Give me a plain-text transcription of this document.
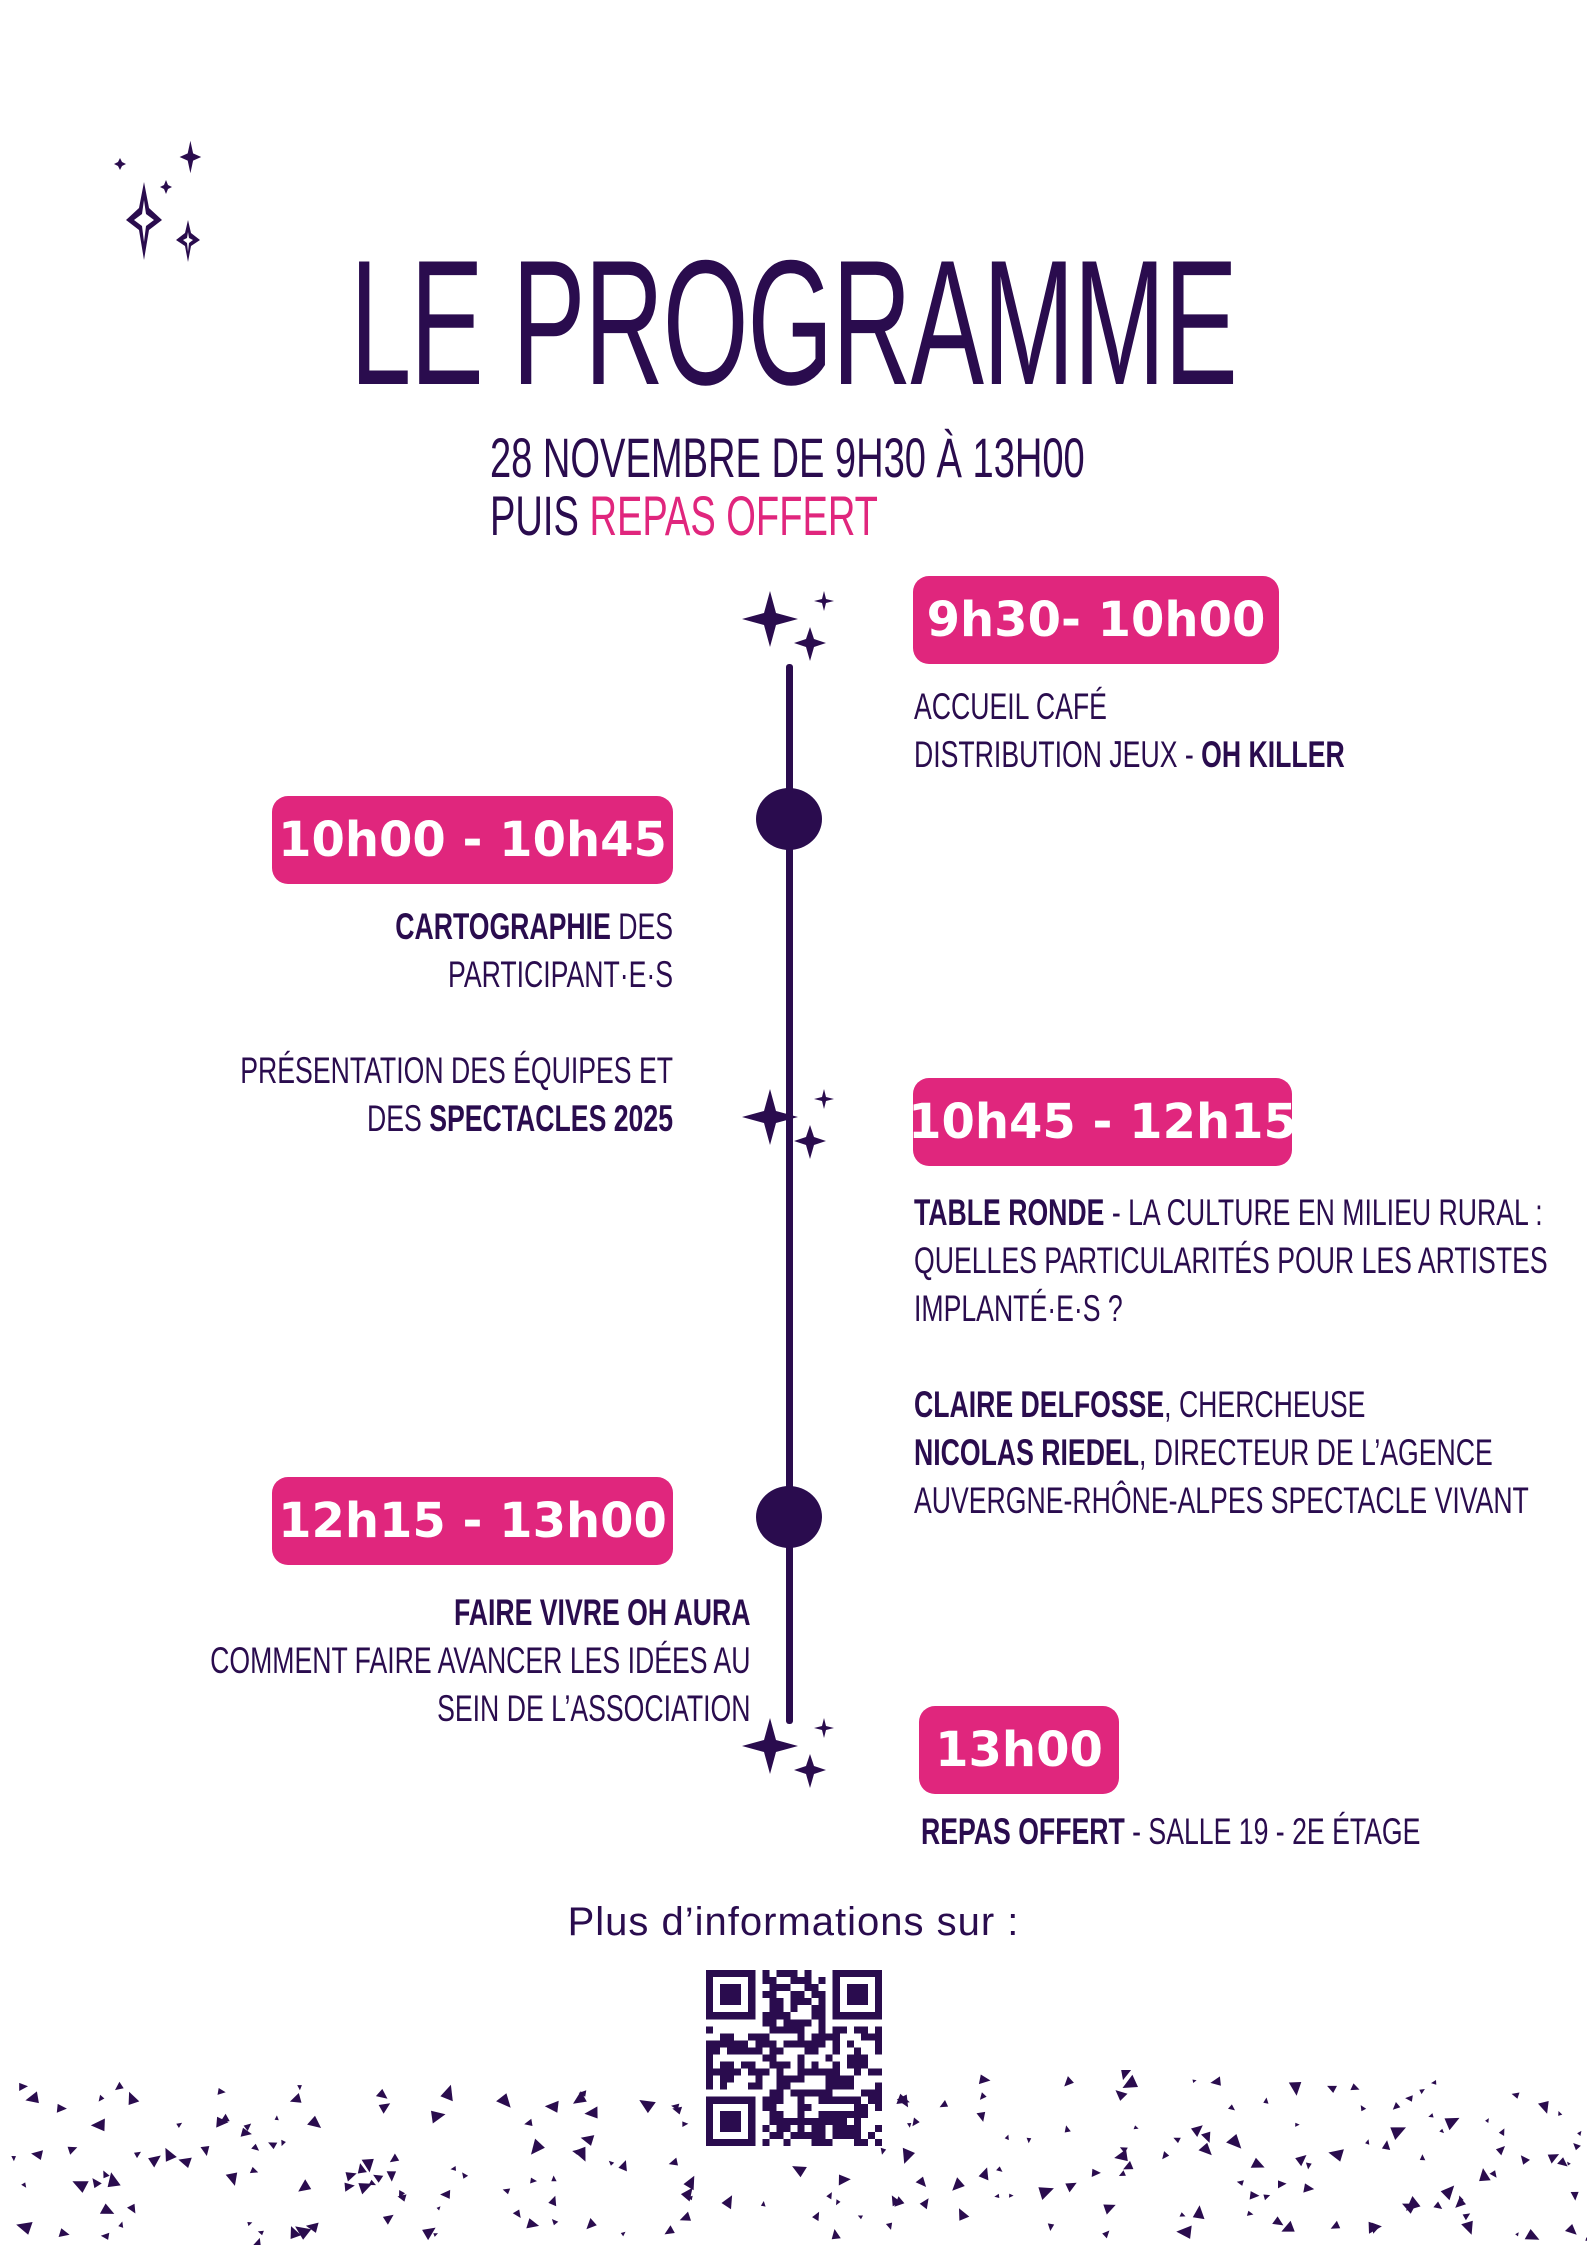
LE PROGRAMME
28 NOVEMBRE DE 9H30 À 13H00
PUIS REPAS OFFERT
9h30- 10h00
ACCUEIL CAFÉ
DISTRIBUTION JEUX - OH KILLER
10h00 - 10h45
CARTOGRAPHIE DES
PARTICIPANT·E·S
PRÉSENTATION DES ÉQUIPES ET
DES SPECTACLES 2025	10h45 - 12h15
TABLE RONDE - LA CULTURE EN MILIEU RURAL :
QUELLES PARTICULARITÉS POUR LES ARTISTES
IMPLANTÉ·E·S ?
CLAIRE DELFOSSE, CHERCHEUSE
NICOLAS RIEDEL, DIRECTEUR DE L’AGENCE
AUVERGNE-RHÔNE-ALPES SPECTACLE VIVANT
12h15 - 13h00
FAIRE VIVRE OH AURA
COMMENT FAIRE AVANCER LES IDÉES AU
SEIN DE L’ASSOCIATION
13h00
REPAS OFFERT - SALLE 19 - 2E ÉTAGE
Plus d’informations sur :
